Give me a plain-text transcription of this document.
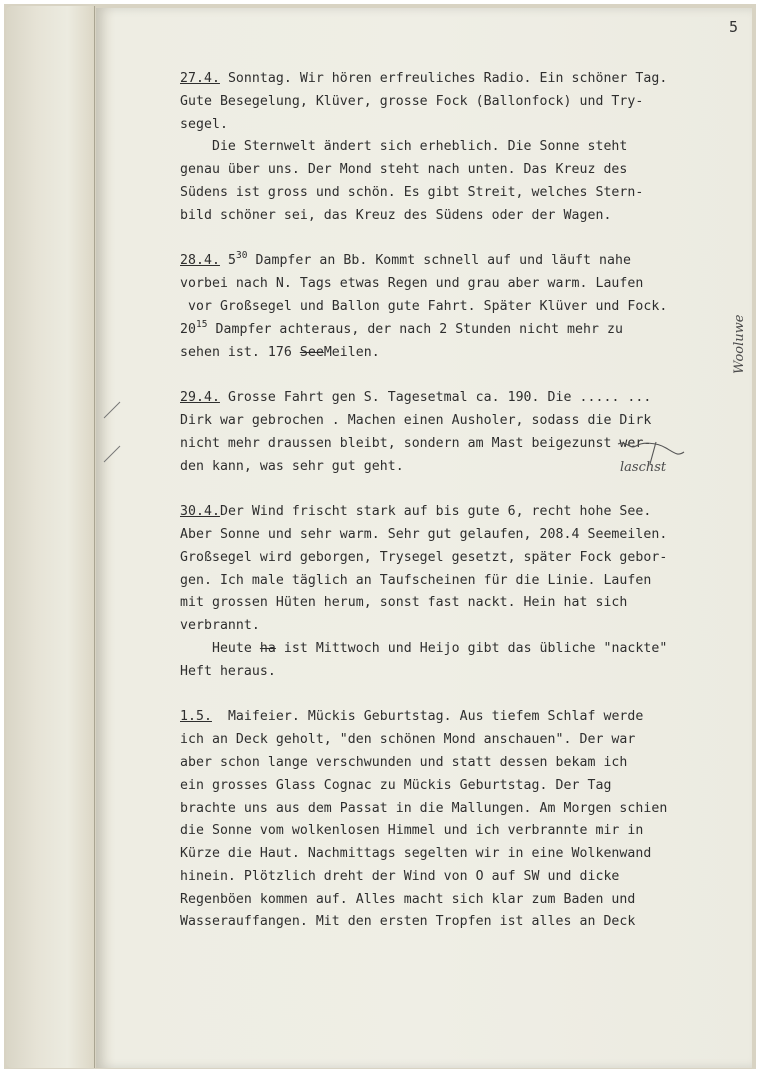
5
27.4. Sonntag. Wir hören erfreuliches Radio. Ein schöner Tag.
Gute Besegelung, Klüver, grosse Fock (Ballonfock) und Try-
segel.
Die Sternwelt ändert sich erheblich. Die Sonne steht
genau über uns. Der Mond steht nach unten. Das Kreuz des
Südens ist gross und schön. Es gibt Streit, welches Stern-
bild schöner sei, das Kreuz des Südens oder der Wagen.
28.4. $5^{30}$ Dampfer an Bb. Kommt schnell auf und läuft nahe
vorbei nach N. Tags etwas Regen und grau aber warm. Laufen
vor Großsegel und Ballon gute Fahrt. Später Klüver und Fock.
$20^{15}$ Dampfer achteraus, der nach 2 Stunden nicht mehr zu
sehen ist. 176 SeeMeilen.
29.4. Grosse Fahrt gen S. Tagesetmal ca. 190. Die ..... ...
Dirk war gebrochen . Machen einen Ausholer, sodass die Dirk
nicht mehr draussen bleibt, sondern am Mast beigezunst wer-
den kann, was sehr gut geht.
30.4.Der Wind frischt stark auf bis gute 6, recht hohe See.
Aber Sonne und sehr warm. Sehr gut gelaufen, 208.4 Seemeilen.
Großsegel wird geborgen, Trysegel gesetzt, später Fock gebor-
gen. Ich male täglich an Taufscheinen für die Linie. Laufen
mit grossen Hüten herum, sonst fast nackt. Hein hat sich
verbrannt.
Heute ha ist Mittwoch und Heijo gibt das übliche "nackte"
Heft heraus.
1.5.  Maifeier. Mückis Geburtstag. Aus tiefem Schlaf werde
ich an Deck geholt, "den schönen Mond anschauen". Der war
aber schon lange verschwunden und statt dessen bekam ich
ein grosses Glass Cognac zu Mückis Geburtstag. Der Tag
brachte uns aus dem Passat in die Mallungen. Am Morgen schien
die Sonne vom wolkenlosen Himmel und ich verbrannte mir in
Kürze die Haut. Nachmittags segelten wir in eine Wolkenwand
hinein. Plötzlich dreht der Wind von O auf SW und dicke
Regenböen kommen auf. Alles macht sich klar zum Baden und
Wasserauffangen. Mit den ersten Tropfen ist alles an Deck
Wooluwe
laschst
